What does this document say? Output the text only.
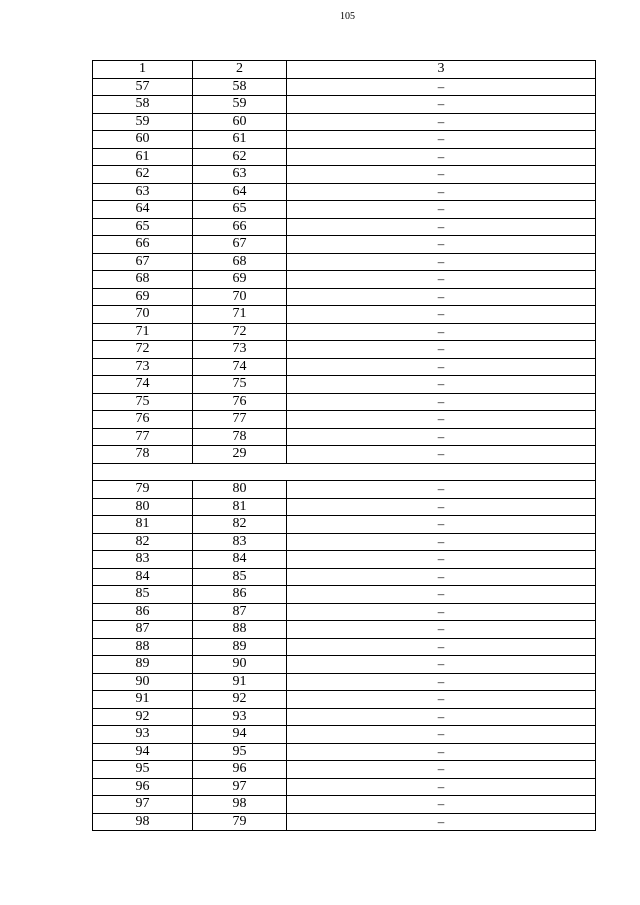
105
1	2	3
57	58	–
58	59	–
59	60	–
60	61	–
61	62	–
62	63	–
63	64	–
64	65	–
65	66	–
66	67	–
67	68	–
68	69	–
69	70	–
70	71	–
71	72	–
72	73	–
73	74	–
74	75	–
75	76	–
76	77	–
77	78	–
78	29	–

79	80	–
80	81	–
81	82	–
82	83	–
83	84	–
84	85	–
85	86	–
86	87	–
87	88	–
88	89	–
89	90	–
90	91	–
91	92	–
92	93	–
93	94	–
94	95	–
95	96	–
96	97	–
97	98	–
98	79	–
